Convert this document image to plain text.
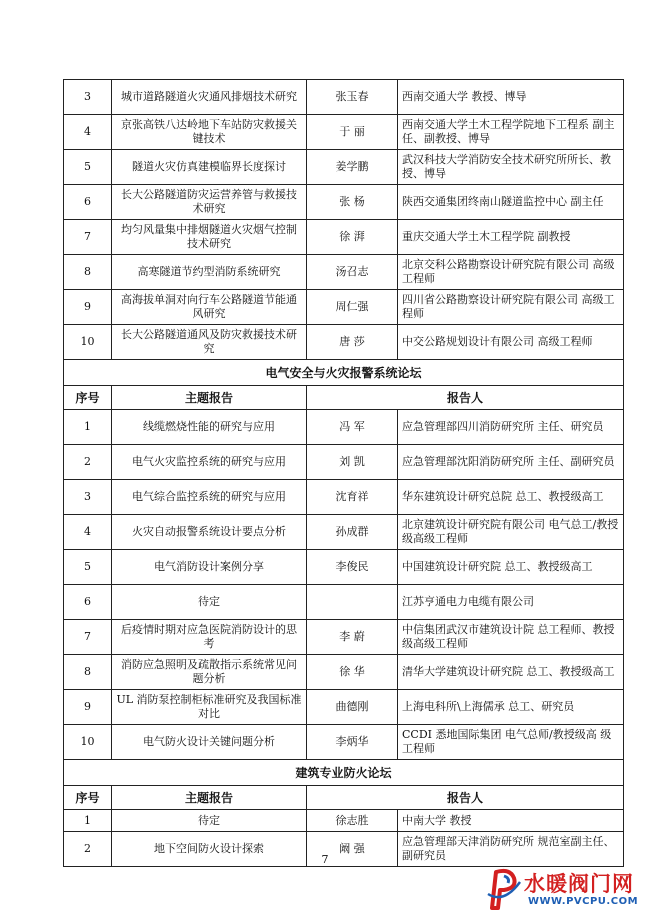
3	城市道路隧道火灾通风排烟技术研究	张玉春	西南交通大学 教授、博导
4	京张高铁八达岭地下车站防灾救援关键技术	于 丽	西南交通大学土木工程学院地下工程系 副主任、副教授、博导
5	隧道火灾仿真建模临界长度探讨	姜学鹏	武汉科技大学消防安全技术研究所所长、教授、博导
6	长大公路隧道防灾运营养管与救援技术研究	张 杨	陕西交通集团终南山隧道监控中心 副主任
7	均匀风量集中排烟隧道火灾烟气控制技术研究	徐 湃	重庆交通大学土木工程学院 副教授
8	高寒隧道节约型消防系统研究	汤召志	北京交科公路勘察设计研究院有限公司 高级工程师
9	高海拔单洞对向行车公路隧道节能通风研究	周仁强	四川省公路勘察设计研究院有限公司 高级工程师
10	长大公路隧道通风及防灾救援技术研究	唐 莎	中交公路规划设计有限公司 高级工程师
电气安全与火灾报警系统论坛			
序号	主题报告	报告人	
1	线缆燃烧性能的研究与应用	冯 军	应急管理部四川消防研究所 主任、研究员
2	电气火灾监控系统的研究与应用	刘 凯	应急管理部沈阳消防研究所 主任、副研究员
3	电气综合监控系统的研究与应用	沈育祥	华东建筑设计研究总院 总工、教授级高工
4	火灾自动报警系统设计要点分析	孙成群	北京建筑设计研究院有限公司 电气总工/教授级高级工程师
5	电气消防设计案例分享	李俊民	中国建筑设计研究院 总工、教授级高工
6	待定		江苏亨通电力电缆有限公司
7	后疫情时期对应急医院消防设计的思考	李 蔚	中信集团武汉市建筑设计院 总工程师、教授级高级工程师
8	消防应急照明及疏散指示系统常见问题分析	徐 华	清华大学建筑设计研究院 总工、教授级高工
9	UL 消防泵控制柜标准研究及我国标准对比	曲德刚	上海电科所\上海儒承 总工、研究员
10	电气防火设计关键问题分析	李炳华	CCDI 悉地国际集团 电气总师/教授级高 级工程师
建筑专业防火论坛			
序号	主题报告	报告人	
1	待定	徐志胜	中南大学 教授
2	地下空间防火设计探索	阚 强	应急管理部天津消防研究所 规范室副主任、副研究员
7
水暖阀门网
WWW.PVCPU.COM
